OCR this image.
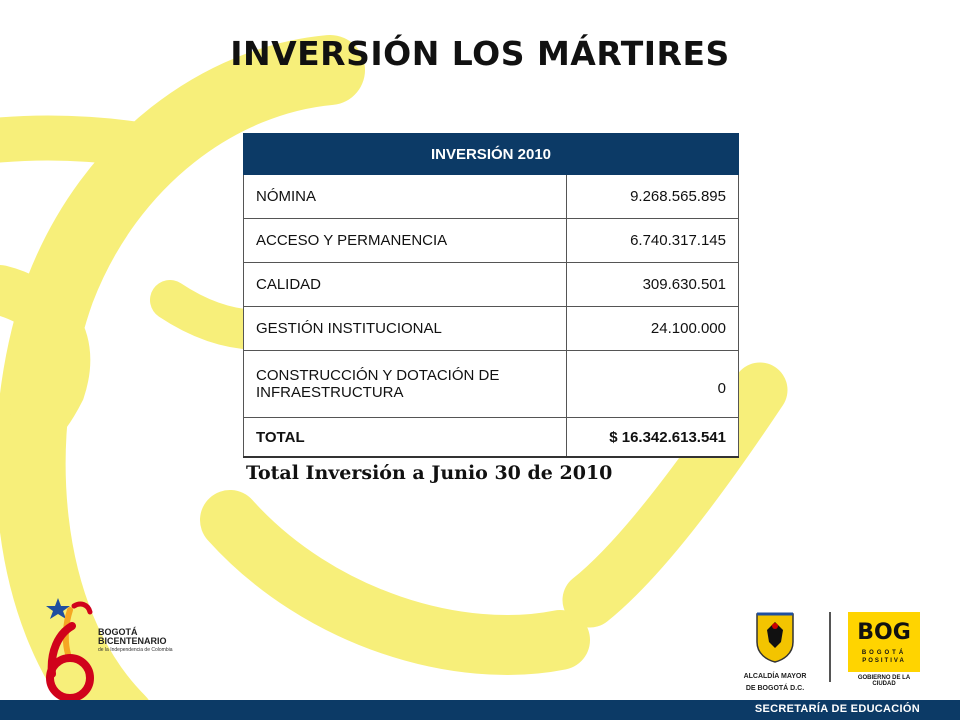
INVERSIÓN LOS MÁRTIRES
INVERSIÓN 2010	
NÓMINA	9.268.565.895
ACCESO Y PERMANENCIA	6.740.317.145
CALIDAD	309.630.501
GESTIÓN INSTITUCIONAL	24.100.000
CONSTRUCCIÓN Y DOTACIÓN DE INFRAESTRUCTURA	0
TOTAL	$ 16.342.613.541
Total Inversión a Junio 30 de 2010
BOGOTÁ
BICENTENARIO
de la Independencia de Colombia
ALCALDÍA MAYOR
DE BOGOTÁ D.C.
BOG
BOGOTÁ
POSITIVA
GOBIERNO DE LA CIUDAD
SECRETARÍA DE EDUCACIÓN
